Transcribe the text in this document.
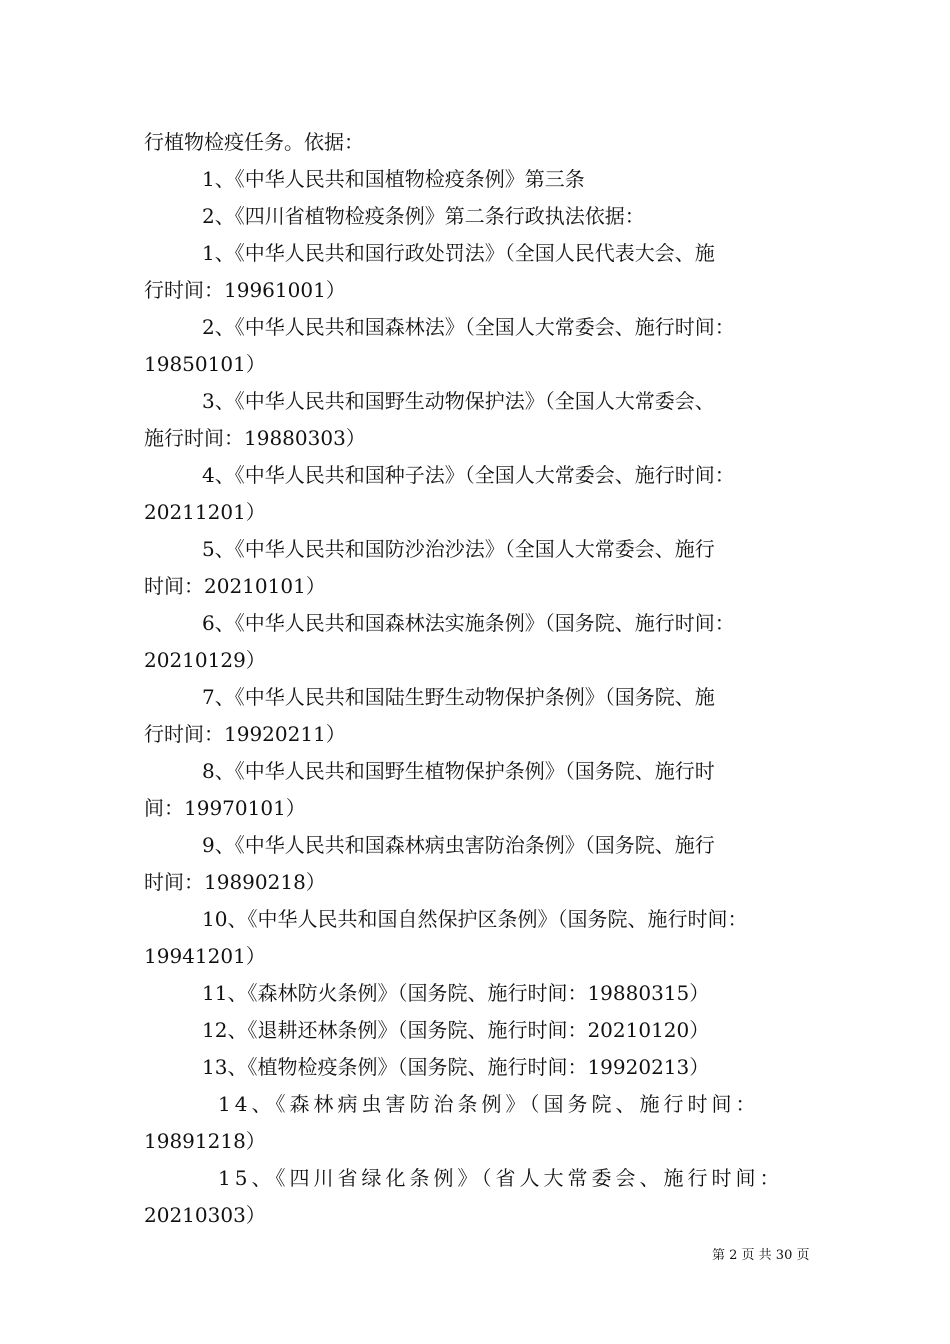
行植物检疫任务。依据：

1、《中华人民共和国植物检疫条例》第三条

2、《四川省植物检疫条例》第二条行政执法依据：

1、《中华人民共和国行政处罚法》（全国人民代表大会、施

行时间：19961001）

2、《中华人民共和国森林法》（全国人大常委会、施行时间：

19850101）

3、《中华人民共和国野生动物保护法》（全国人大常委会、

施行时间：19880303）

4、《中华人民共和国种子法》（全国人大常委会、施行时间：

20211201）

5、《中华人民共和国防沙治沙法》（全国人大常委会、施行

时间：20210101）

6、《中华人民共和国森林法实施条例》（国务院、施行时间：

20210129）

7、《中华人民共和国陆生野生动物保护条例》（国务院、施

行时间：19920211）

8、《中华人民共和国野生植物保护条例》（国务院、施行时

间：19970101）

9、《中华人民共和国森林病虫害防治条例》（国务院、施行

时间：19890218）

10、《中华人民共和国自然保护区条例》（国务院、施行时间：

19941201）

11、《森林防火条例》（国务院、施行时间：19880315）

12、《退耕还林条例》（国务院、施行时间：20210120）

13、《植物检疫条例》（国务院、施行时间：19920213）

14、《森林病虫害防治条例》（国务院、施行时间：

19891218）

15、《四川省绿化条例》（省人大常委会、施行时间：

20210303）

第 2 页 共 30 页
